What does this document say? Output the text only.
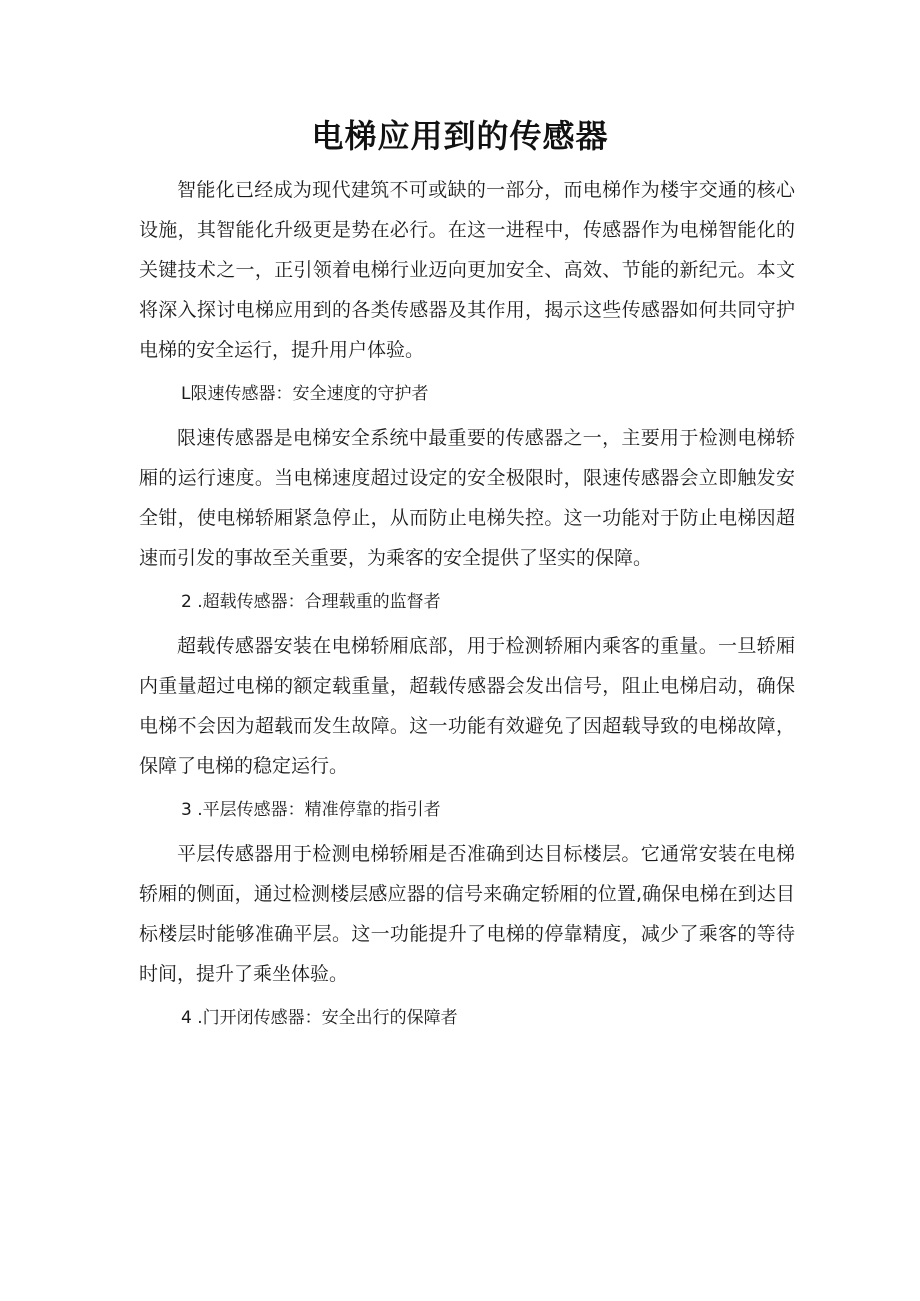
电梯应用到的传感器

智能化已经成为现代建筑不可或缺的一部分，而电梯作为楼宇交通的核心设施，其智能化升级更是势在必行。在这一进程中，传感器作为电梯智能化的关键技术之一，正引领着电梯行业迈向更加安全、高效、节能的新纪元。本文将深入探讨电梯应用到的各类传感器及其作用，揭示这些传感器如何共同守护电梯的安全运行，提升用户体验。

L限速传感器：安全速度的守护者

限速传感器是电梯安全系统中最重要的传感器之一，主要用于检测电梯轿厢的运行速度。当电梯速度超过设定的安全极限时，限速传感器会立即触发安全钳，使电梯轿厢紧急停止，从而防止电梯失控。这一功能对于防止电梯因超速而引发的事故至关重要，为乘客的安全提供了坚实的保障。

2 .超载传感器：合理载重的监督者

超载传感器安装在电梯轿厢底部，用于检测轿厢内乘客的重量。一旦轿厢内重量超过电梯的额定载重量，超载传感器会发出信号，阻止电梯启动，确保电梯不会因为超载而发生故障。这一功能有效避免了因超载导致的电梯故障，保障了电梯的稳定运行。

3 .平层传感器：精准停靠的指引者

平层传感器用于检测电梯轿厢是否准确到达目标楼层。它通常安装在电梯轿厢的侧面，通过检测楼层感应器的信号来确定轿厢的位置,确保电梯在到达目标楼层时能够准确平层。这一功能提升了电梯的停靠精度，减少了乘客的等待时间，提升了乘坐体验。

4 .门开闭传感器：安全出行的保障者
